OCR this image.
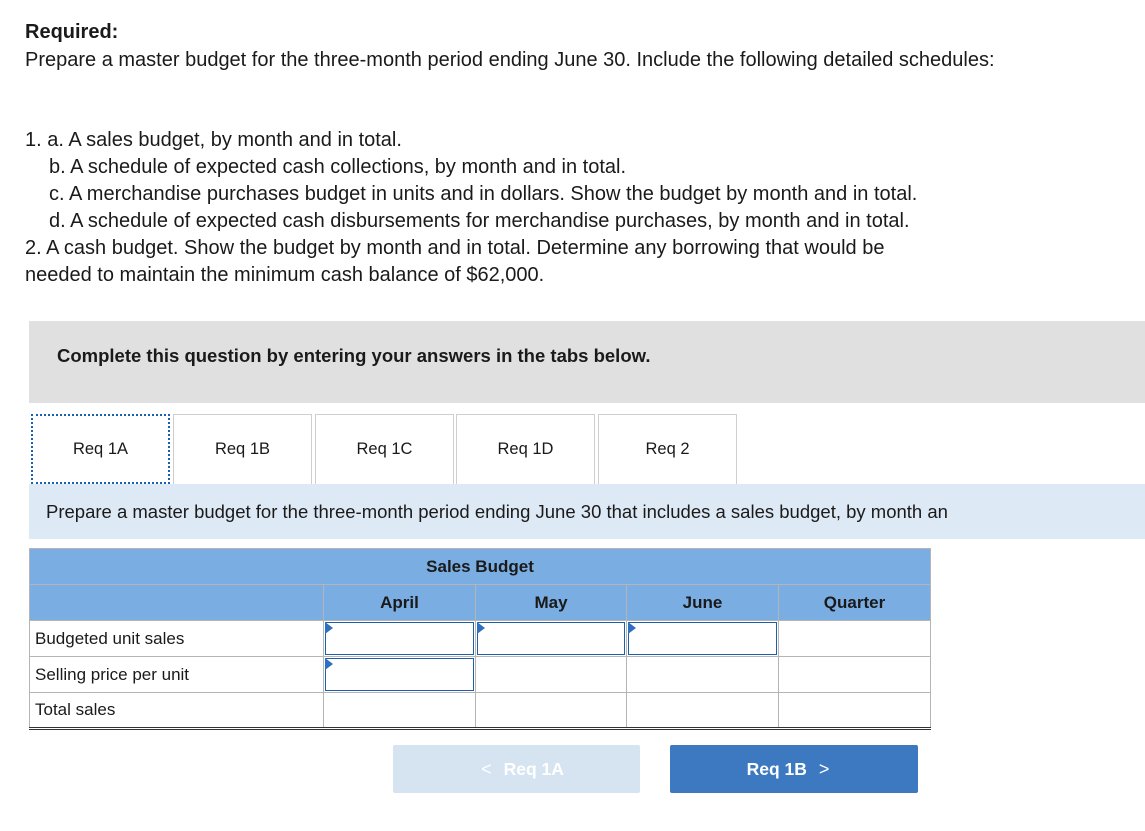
Required:
Prepare a master budget for the three-month period ending June 30. Include the following detailed schedules:
1. a. A sales budget, by month and in total.
b. A schedule of expected cash collections, by month and in total.
c. A merchandise purchases budget in units and in dollars. Show the budget by month and in total.
d. A schedule of expected cash disbursements for merchandise purchases, by month and in total.
2. A cash budget. Show the budget by month and in total. Determine any borrowing that would be
needed to maintain the minimum cash balance of $62,000.
Complete this question by entering your answers in the tabs below.
Req 1A	Req 1B	Req 1C	Req 1D	Req 2
Prepare a master budget for the three-month period ending June 30 that includes a sales budget, by month an
Sales Budget				
	April	May	June	Quarter
Budgeted unit sales	

Selling price per unit	

Total sales				
< Req 1A	Req 1B >
